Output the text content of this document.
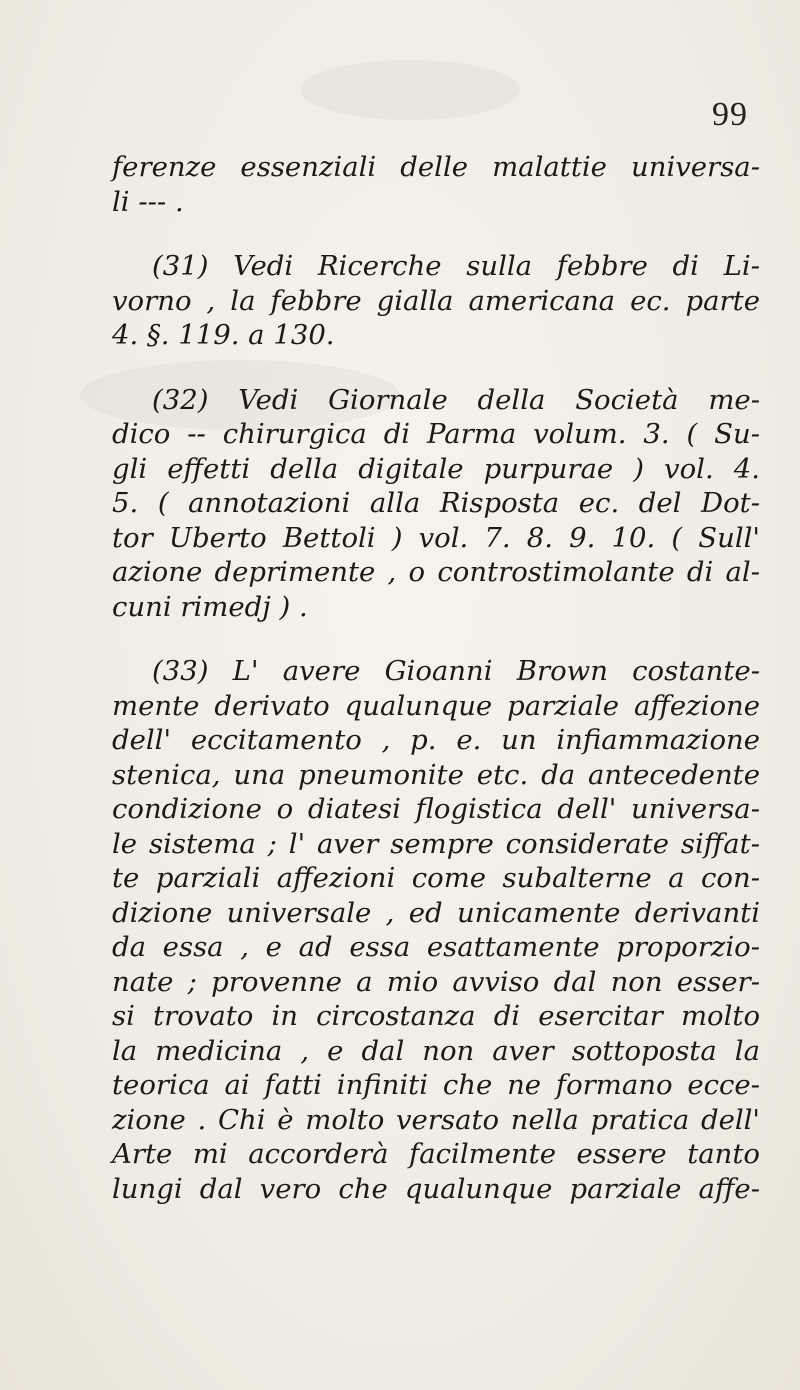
99
ferenze essenziali delle malattie universa-
li --- .
(31) Vedi Ricerche sulla febbre di Li-
vorno , la febbre gialla americana ec. parte
4. §. 119. a 130.
(32) Vedi Giornale della Società me-
dico -- chirurgica di Parma volum. 3. ( Su-
gli effetti della digitale purpurae ) vol. 4.
5. ( annotazioni alla Risposta ec. del Dot-
tor Uberto Bettoli ) vol. 7. 8. 9. 10. ( Sull'
azione deprimente , o controstimolante di al-
cuni rimedj ) .
(33) L' avere Gioanni Brown costante-
mente derivato qualunque parziale affezione
dell' eccitamento , p. e. un infiammazione
stenica, una pneumonite etc. da antecedente
condizione o diatesi flogistica dell' universa-
le sistema ; l' aver sempre considerate siffat-
te parziali affezioni come subalterne a con-
dizione universale , ed unicamente derivanti
da essa , e ad essa esattamente proporzio-
nate ; provenne a mio avviso dal non esser-
si trovato in circostanza di esercitar molto
la medicina , e dal non aver sottoposta la
teorica ai fatti infiniti che ne formano ecce-
zione . Chi è molto versato nella pratica dell'
Arte mi accorderà facilmente essere tanto
lungi dal vero che qualunque parziale affe-
